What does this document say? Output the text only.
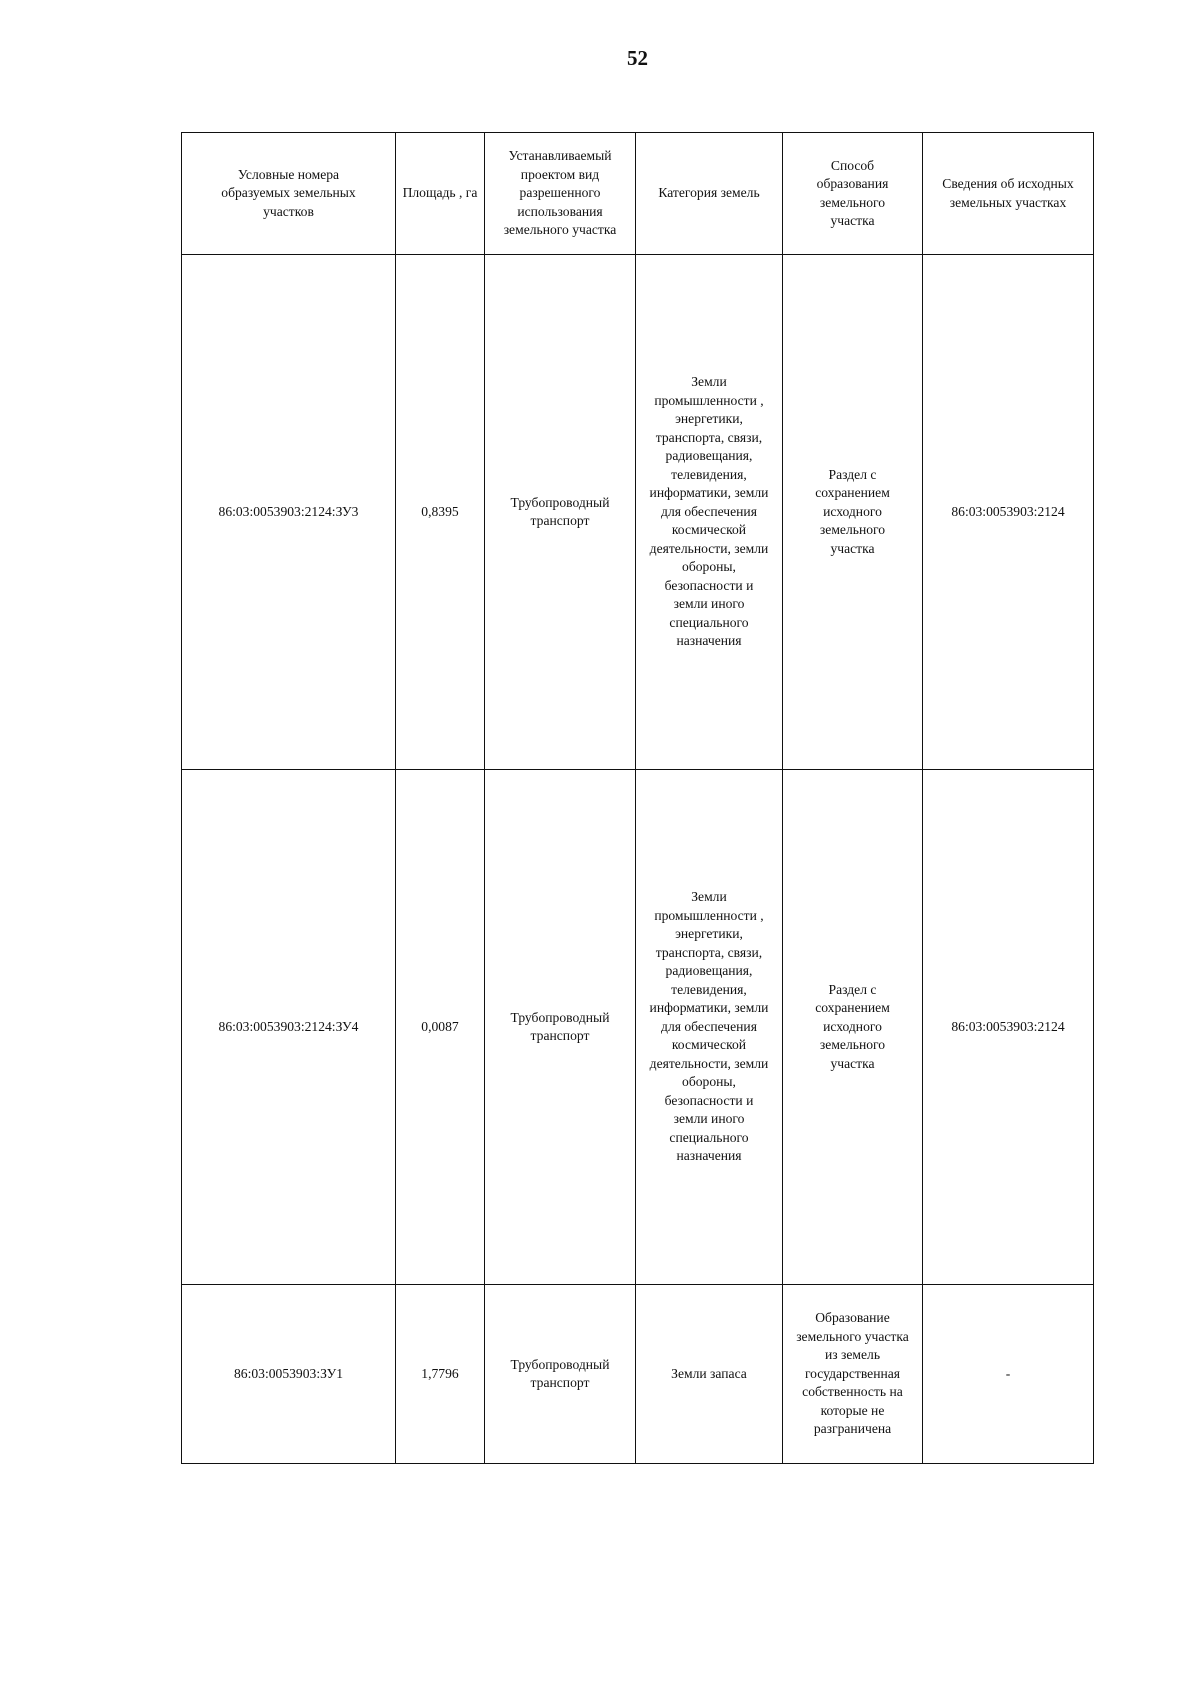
52
Условные номера образуемых земельных участков	Площадь , га	Устанавливаемый проектом вид разрешенного использования земельного участка	Категория земель	Способ образования земельного участка	Сведения об исходных земельных участках
86:03:0053903:2124:ЗУ3	0,8395	Трубопроводный транспорт	Земли промышленности , энергетики, транспорта, связи, радиовещания, телевидения, информатики, земли для обеспечения космической деятельности, земли обороны, безопасности и земли иного специального назначения	Раздел с сохранением исходного земельного участка	86:03:0053903:2124
86:03:0053903:2124:ЗУ4	0,0087	Трубопроводный транспорт	Земли промышленности , энергетики, транспорта, связи, радиовещания, телевидения, информатики, земли для обеспечения космической деятельности, земли обороны, безопасности и земли иного специального назначения	Раздел с сохранением исходного земельного участка	86:03:0053903:2124
86:03:0053903:ЗУ1	1,7796	Трубопроводный транспорт	Земли запаса	Образование земельного участка из земель государственная собственность на которые не разграничена	-
